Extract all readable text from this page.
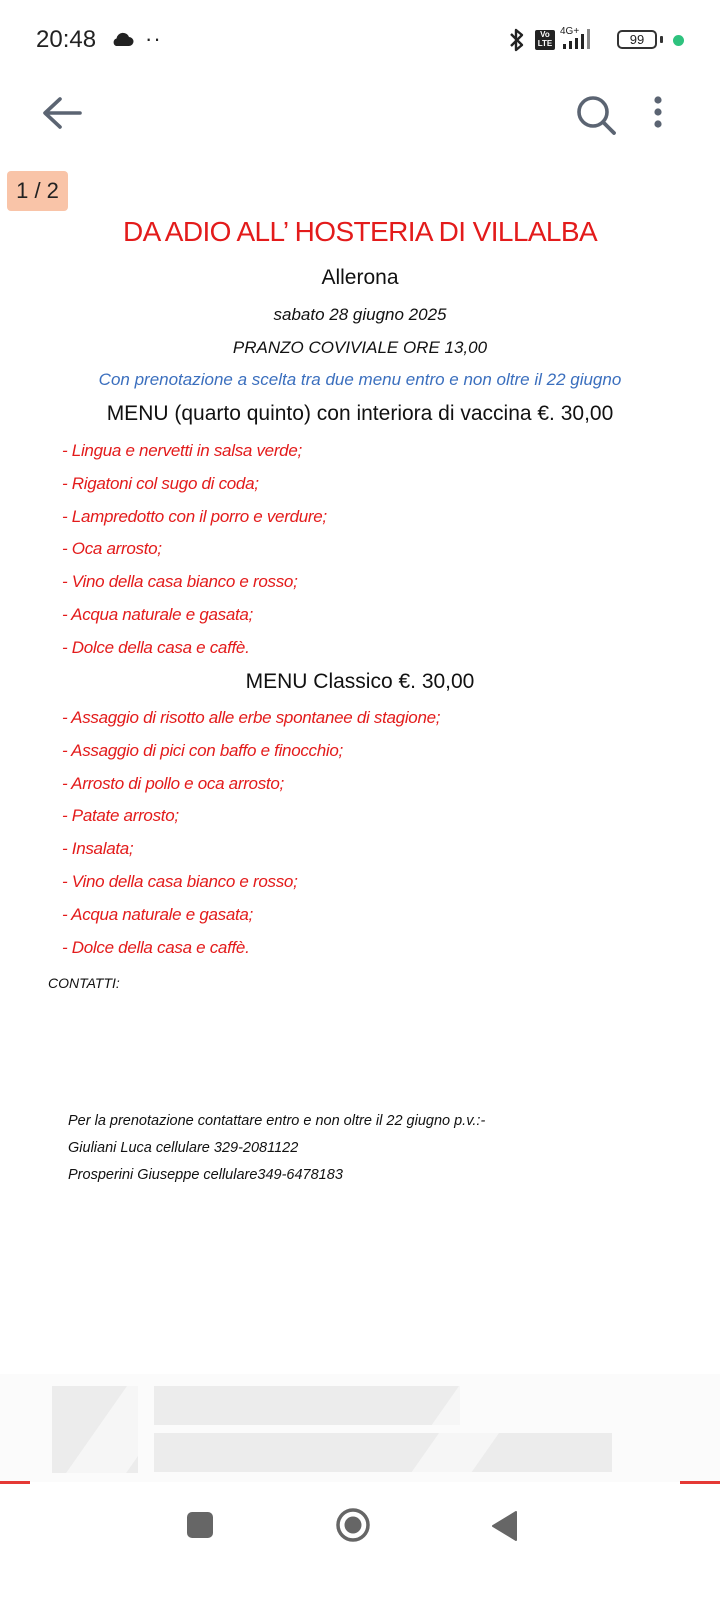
20:48 ··	Vo LTE
4G+
99
1 / 2
DA ADIO ALL’ HOSTERIA DI VILLALBA
Allerona
sabato 28 giugno 2025
PRANZO COVIVIALE ORE 13,00
Con prenotazione a scelta tra due menu entro e non oltre il 22 giugno
MENU (quarto quinto) con interiora di vaccina €. 30,00
- Lingua e nervetti in salsa verde;
- Rigatoni col sugo di coda;
- Lampredotto con il porro e verdure;
- Oca arrosto;
- Vino della casa bianco e rosso;
- Acqua naturale e gasata;
- Dolce della casa e caffè.
MENU Classico €. 30,00
- Assaggio di risotto alle erbe spontanee di stagione;
- Assaggio di pici con baffo e finocchio;
- Arrosto di pollo e oca arrosto;
- Patate arrosto;
- Insalata;
- Vino della casa bianco e rosso;
- Acqua naturale e gasata;
- Dolce della casa e caffè.
CONTATTI:
Per la prenotazione contattare entro e non oltre il 22 giugno p.v.:-
Giuliani Luca cellulare 329-2081122
Prosperini Giuseppe cellulare349-6478183
